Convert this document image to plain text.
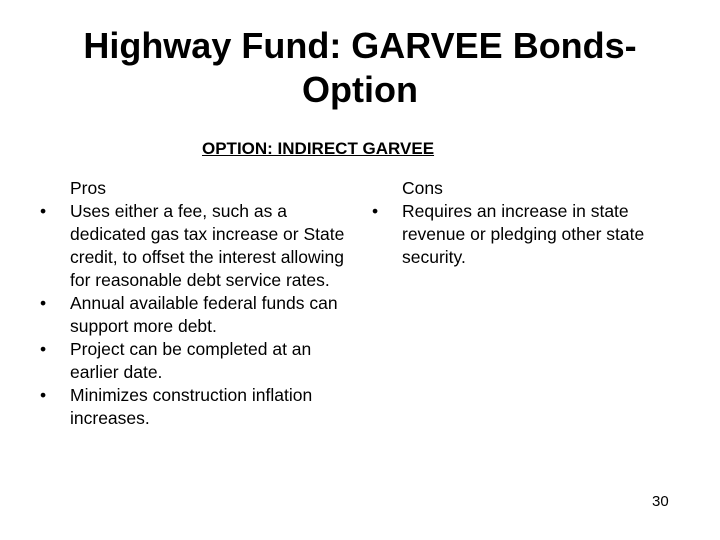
Highway Fund: GARVEE Bonds-
Option
OPTION: INDIRECT GARVEE
Pros
•	Uses either a fee, such as a dedicated gas tax increase or State credit, to offset the interest allowing for reasonable debt service rates.
•	Annual available federal funds can support more debt.
•	Project can be completed at an earlier date.
•	Minimizes construction inflation increases.
Cons
•	Requires an increase in state revenue or pledging other state security.
30
